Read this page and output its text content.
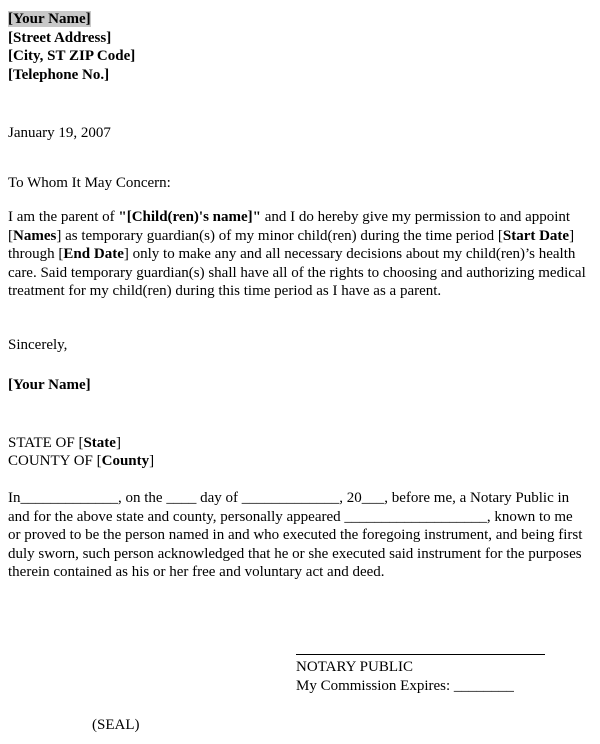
[Your Name]
[Street Address]
[City, ST ZIP Code]
[Telephone No.]
January 19, 2007
To Whom It May Concern:
I am the parent of "[Child(ren)'s name]" and I do hereby give my permission to and appoint [Names] as temporary guardian(s) of my minor child(ren) during the time period [Start Date] through [End Date] only to make any and all necessary decisions about my child(ren)’s health care. Said temporary guardian(s) shall have all of the rights to choosing and authorizing medical treatment for my child(ren) during this time period as I have as a parent.
Sincerely,
[Your Name]
STATE OF [State]
COUNTY OF [County]
In_____________, on the ____ day of _____________, 20___, before me, a Notary Public in and for the above state and county, personally appeared ___________________, known to me or proved to be the person named in and who executed the foregoing instrument, and being first duly sworn, such person acknowledged that he or she executed said instrument for the purposes therein contained as his or her free and voluntary act and deed.
NOTARY PUBLIC
My Commission Expires: ________
(SEAL)
